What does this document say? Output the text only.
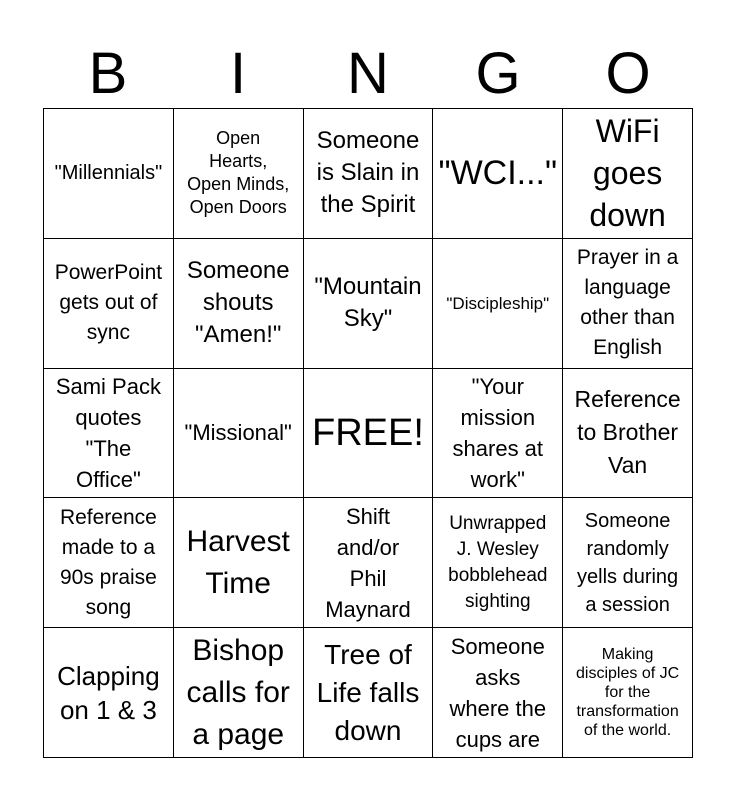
B	I	N	G	O
"Millennials"
Open
Hearts,
Open Minds,
Open Doors
Someone
is Slain in
the Spirit
"WCI..."
WiFi
goes
down
PowerPoint
gets out of
sync
Someone
shouts
"Amen!"
"Mountain
Sky"
"Discipleship"
Prayer in a
language
other than
English
Sami Pack
quotes
"The
Office"
"Missional" FREE!
"Your
mission
shares at
work"
Reference
to Brother
Van
Reference
made to a
90s praise
song
Harvest
Time
Shift
and/or
Phil
Maynard
Unwrapped
J. Wesley
bobblehead
sighting
Someone
randomly
yells during
a session
Clapping
on 1 & 3
Bishop
calls for
a page
Tree of
Life falls
down
Someone
asks
where the
cups are
Making
disciples of JC
for the
transformation
of the world.
